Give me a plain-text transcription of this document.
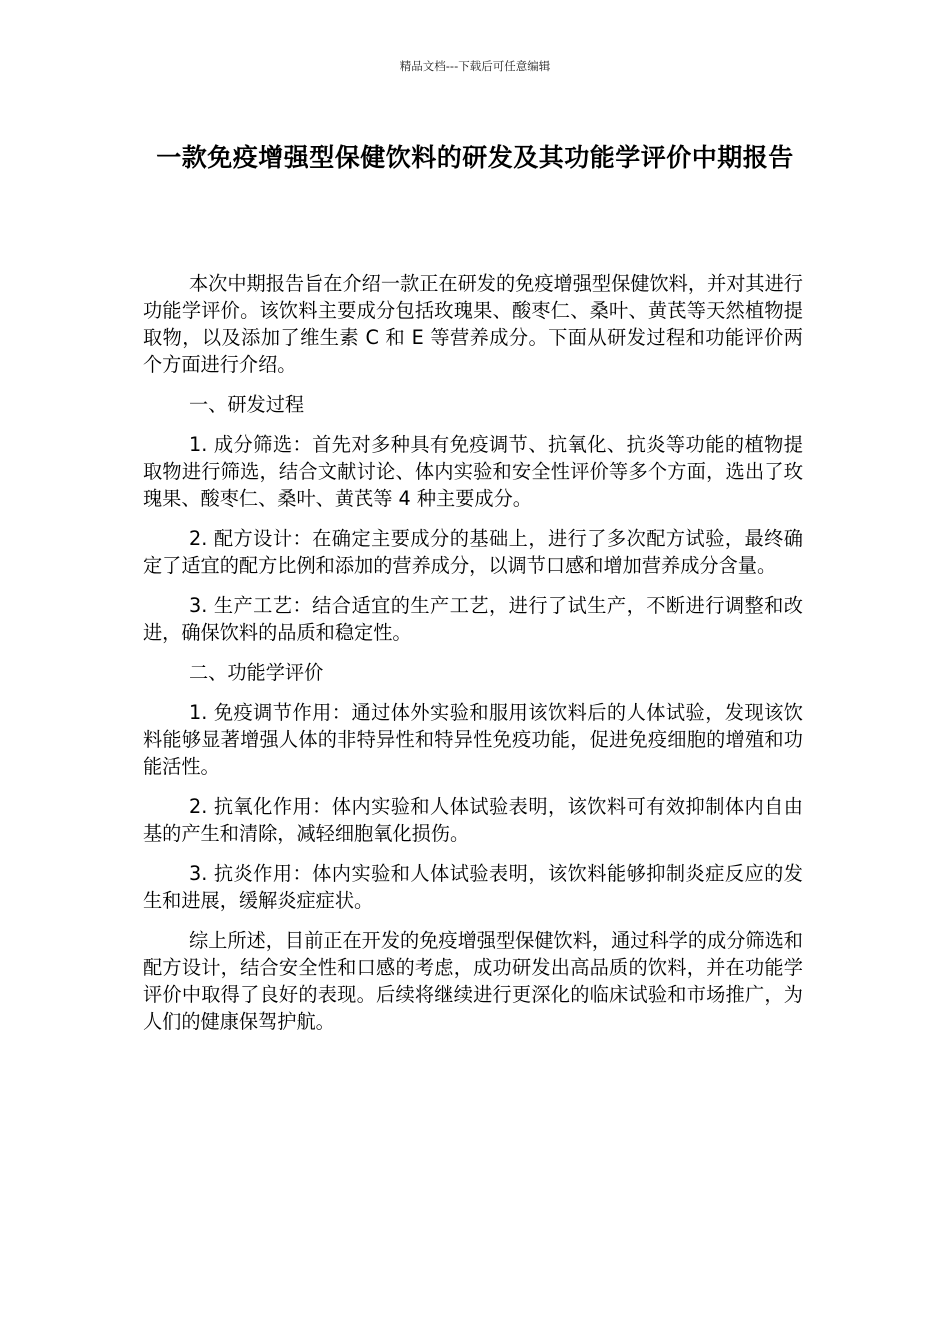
精品文档---下载后可任意编辑
一款免疫增强型保健饮料的研发及其功能学评价中期报告

本次中期报告旨在介绍一款正在研发的免疫增强型保健饮料，并对其进行功能学评价。该饮料主要成分包括玫瑰果、酸枣仁、桑叶、黄芪等天然植物提取物，以及添加了维生素 C 和 E 等营养成分。下面从研发过程和功能评价两个方面进行介绍。

一、研发过程

1. 成分筛选：首先对多种具有免疫调节、抗氧化、抗炎等功能的植物提取物进行筛选，结合文献讨论、体内实验和安全性评价等多个方面，选出了玫瑰果、酸枣仁、桑叶、黄芪等 4 种主要成分。

2. 配方设计：在确定主要成分的基础上，进行了多次配方试验，最终确定了适宜的配方比例和添加的营养成分，以调节口感和增加营养成分含量。

3. 生产工艺：结合适宜的生产工艺，进行了试生产，不断进行调整和改进，确保饮料的品质和稳定性。

二、功能学评价

1. 免疫调节作用：通过体外实验和服用该饮料后的人体试验，发现该饮料能够显著增强人体的非特异性和特异性免疫功能，促进免疫细胞的增殖和功能活性。

2. 抗氧化作用：体内实验和人体试验表明，该饮料可有效抑制体内自由基的产生和清除，减轻细胞氧化损伤。

3. 抗炎作用：体内实验和人体试验表明，该饮料能够抑制炎症反应的发生和进展，缓解炎症症状。

综上所述，目前正在开发的免疫增强型保健饮料，通过科学的成分筛选和配方设计，结合安全性和口感的考虑，成功研发出高品质的饮料，并在功能学评价中取得了良好的表现。后续将继续进行更深化的临床试验和市场推广，为人们的健康保驾护航。
